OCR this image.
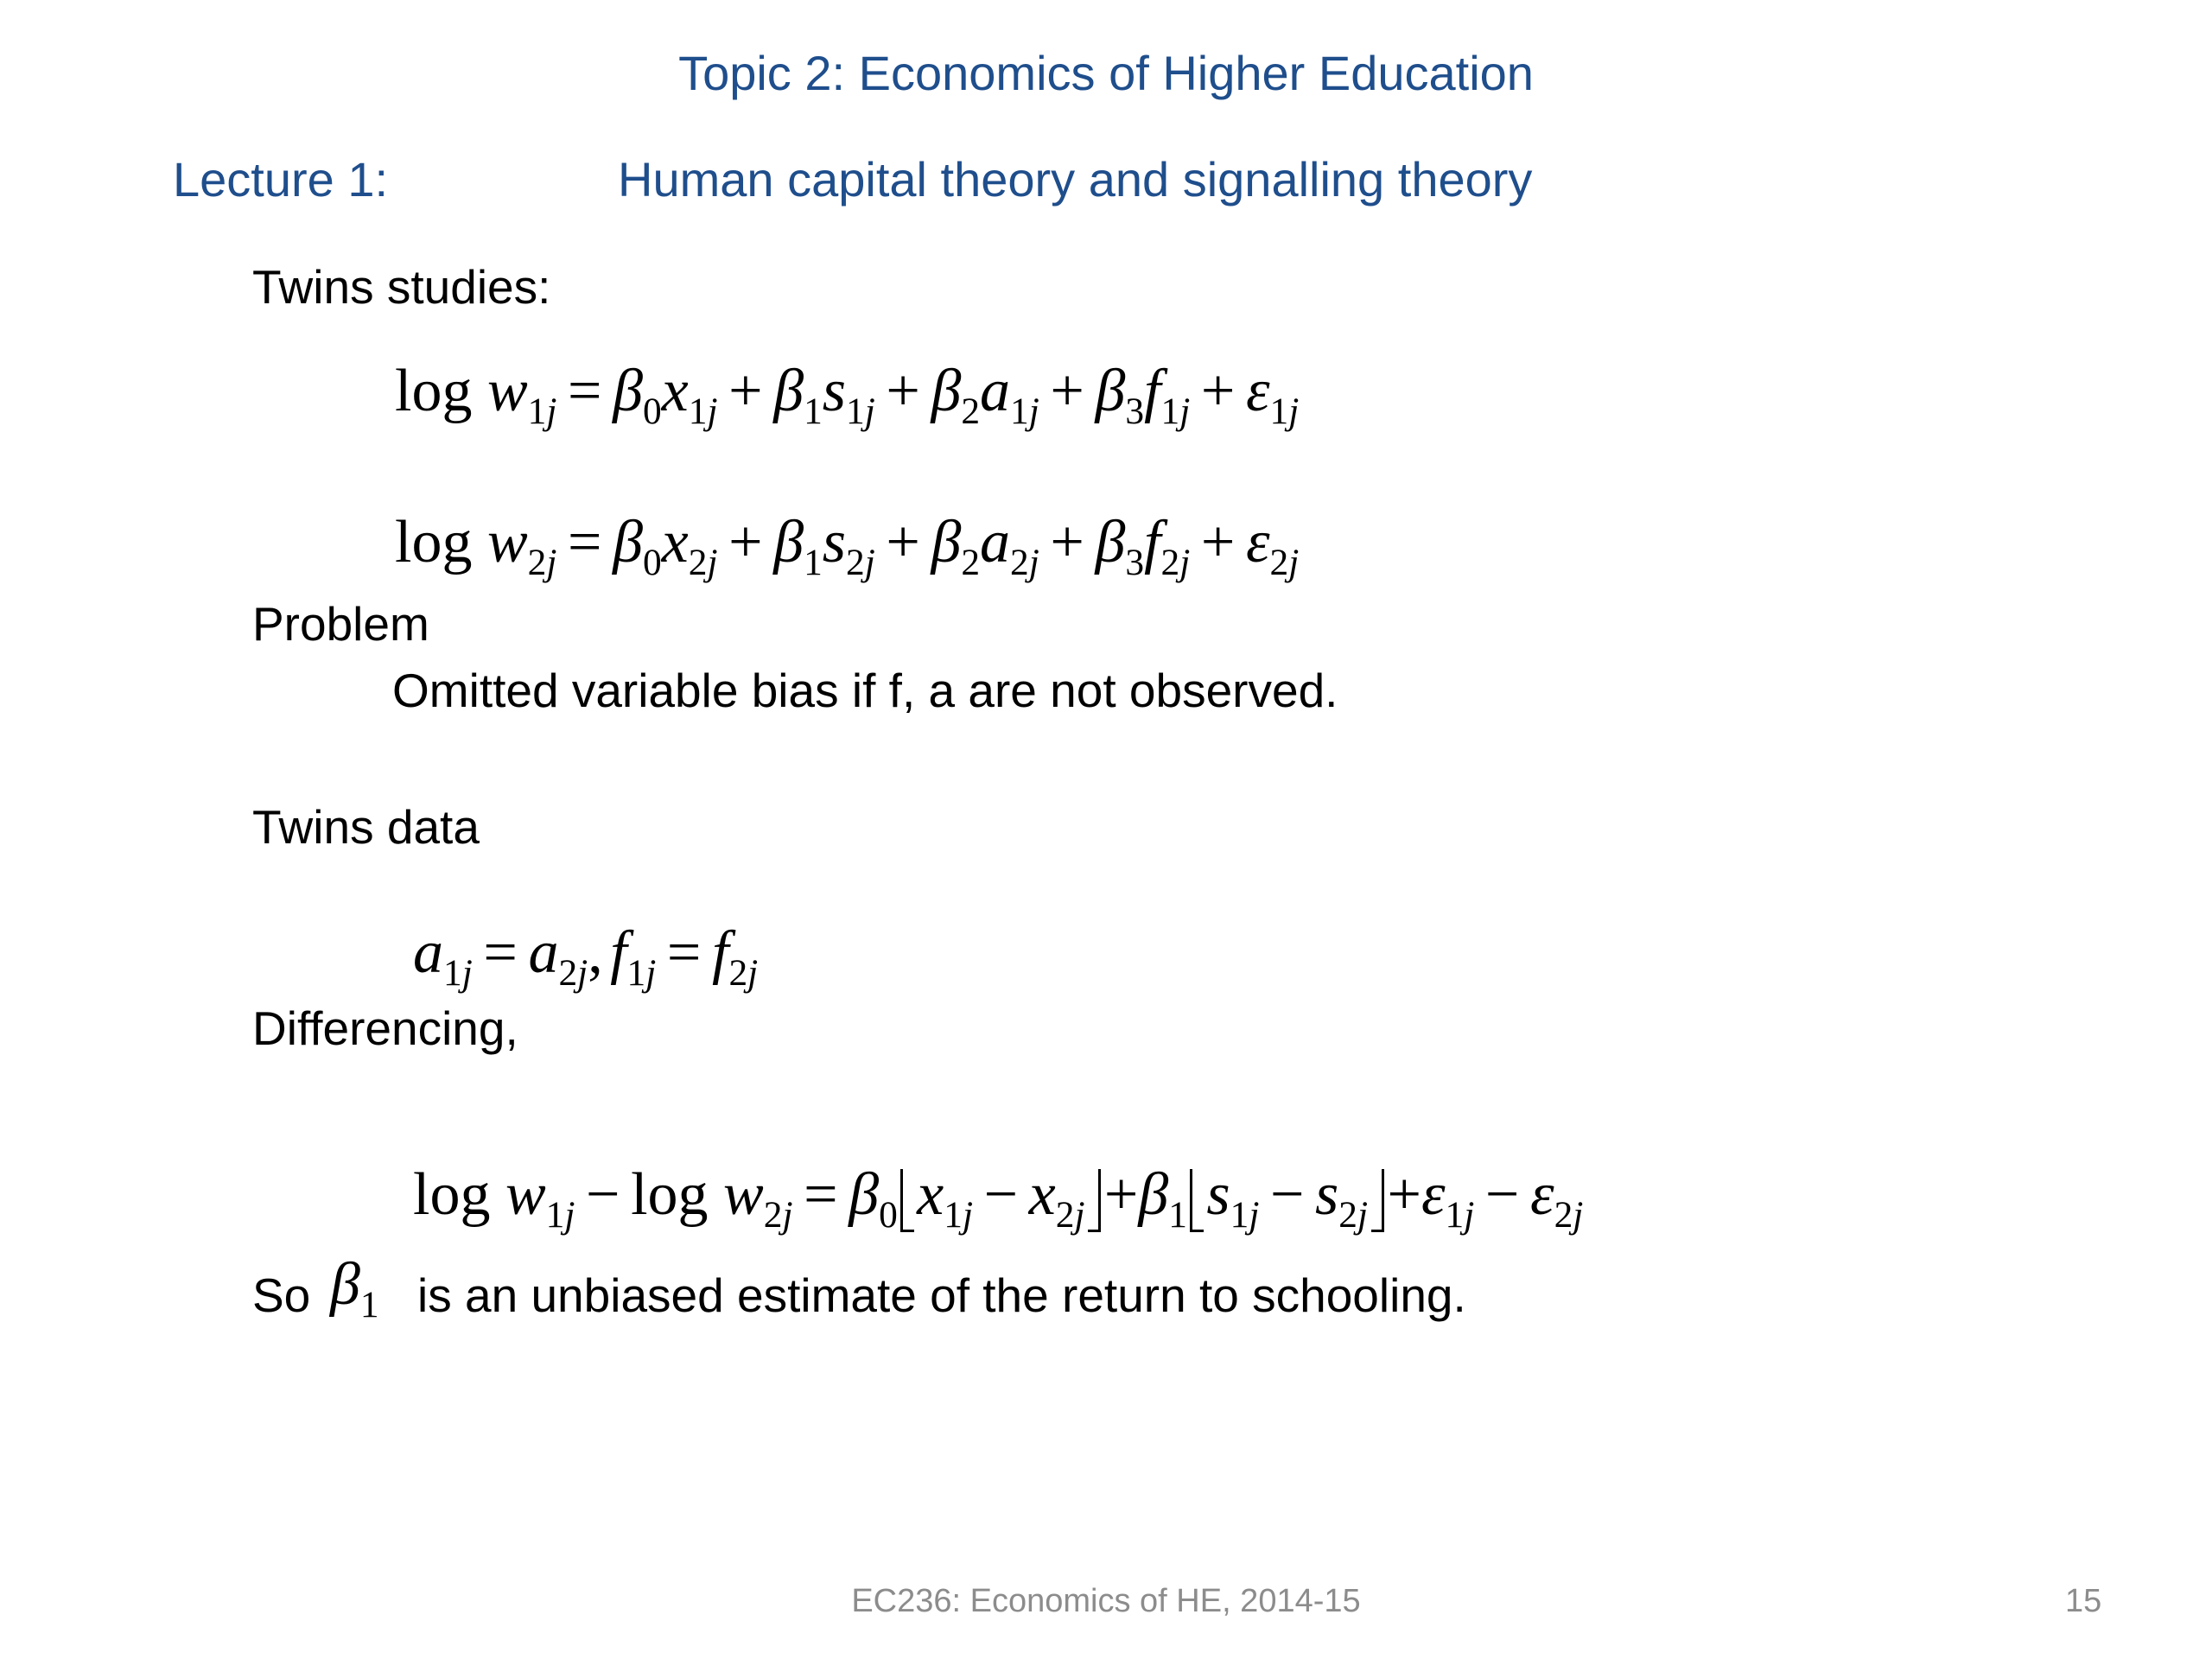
Topic 2: Economics of Higher Education
Lecture 1:	Human capital theory and signalling theory
Twins studies:
$\log w_{1j} = \beta_0x_{1j} + \beta_1s_{1j} + \beta_2a_{1j} + \beta_3f_{1j} + \varepsilon_{1j}$
$\log w_{2j} = \beta_0x_{2j} + \beta_1s_{2j} + \beta_2a_{2j} + \beta_3f_{2j} + \varepsilon_{2j}$
Problem
Omitted variable bias if f, a are not observed.
Twins data
$a_{1j} = a_{2j}$, $f_{1j} = f_{2j}$
Differencing,
$\log w_{1j} - \log w_{2j} = \beta_0$ $x_{1j} - x_{2j} +\beta_1$ $s_{1j} - s_{2j} +\varepsilon_{1j} - \varepsilon_{2j}$
So $\beta_1$ is an unbiased estimate of the return to schooling.
EC236: Economics of HE, 2014-15	15
